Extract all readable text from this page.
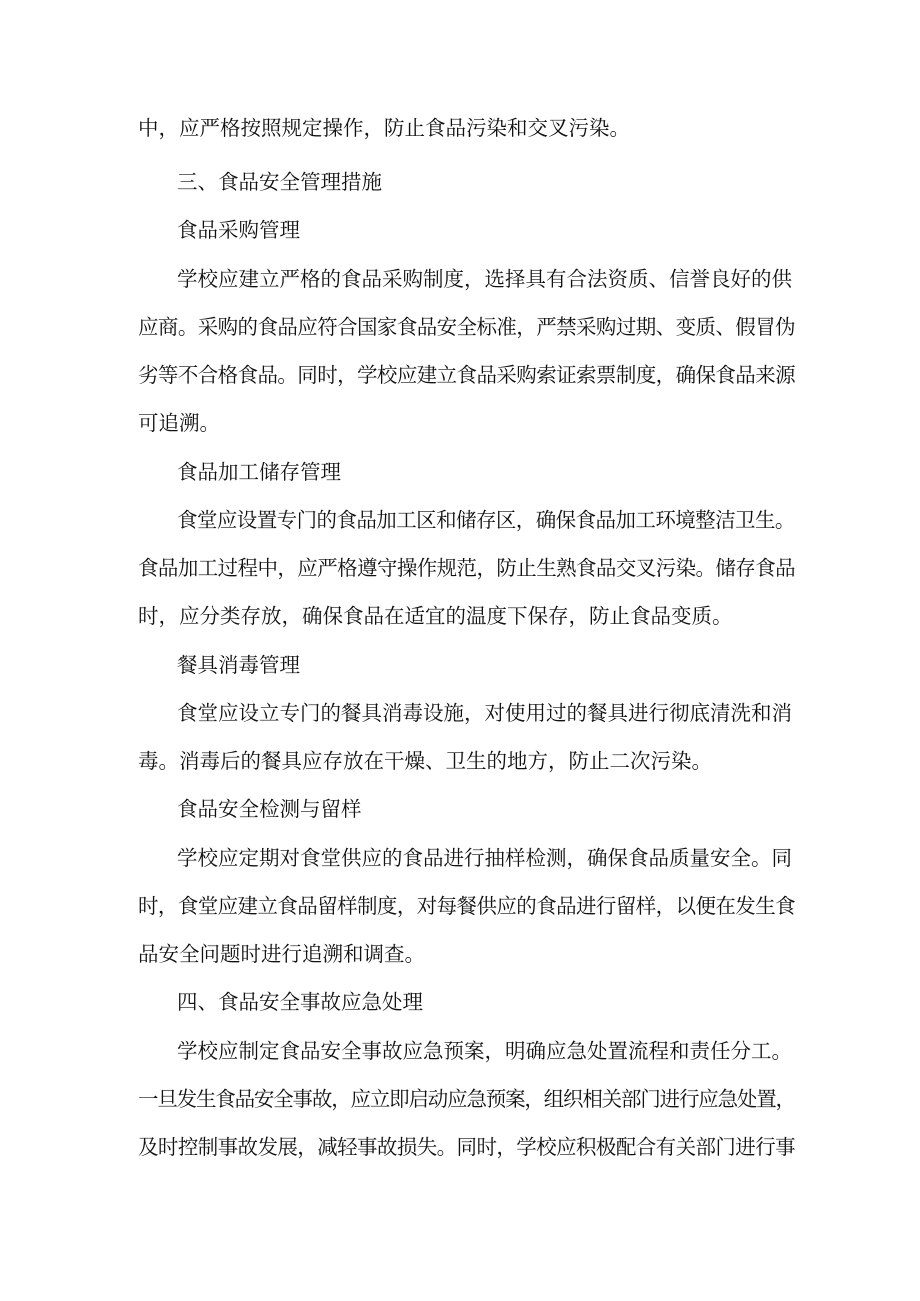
中，应严格按照规定操作，防止食品污染和交叉污染。
三、食品安全管理措施
食品采购管理
学校应建立严格的食品采购制度，选择具有合法资质、信誉良好的供
应商。采购的食品应符合国家食品安全标准，严禁采购过期、变质、假冒伪
劣等不合格食品。同时，学校应建立食品采购索证索票制度，确保食品来源
可追溯。
食品加工储存管理
食堂应设置专门的食品加工区和储存区，确保食品加工环境整洁卫生。
食品加工过程中，应严格遵守操作规范，防止生熟食品交叉污染。储存食品
时，应分类存放，确保食品在适宜的温度下保存，防止食品变质。
餐具消毒管理
食堂应设立专门的餐具消毒设施，对使用过的餐具进行彻底清洗和消
毒。消毒后的餐具应存放在干燥、卫生的地方，防止二次污染。
食品安全检测与留样
学校应定期对食堂供应的食品进行抽样检测，确保食品质量安全。同
时，食堂应建立食品留样制度，对每餐供应的食品进行留样，以便在发生食
品安全问题时进行追溯和调查。
四、食品安全事故应急处理
学校应制定食品安全事故应急预案，明确应急处置流程和责任分工。
一旦发生食品安全事故，应立即启动应急预案，组织相关部门进行应急处置，
及时控制事故发展，减轻事故损失。同时，学校应积极配合有关部门进行事
